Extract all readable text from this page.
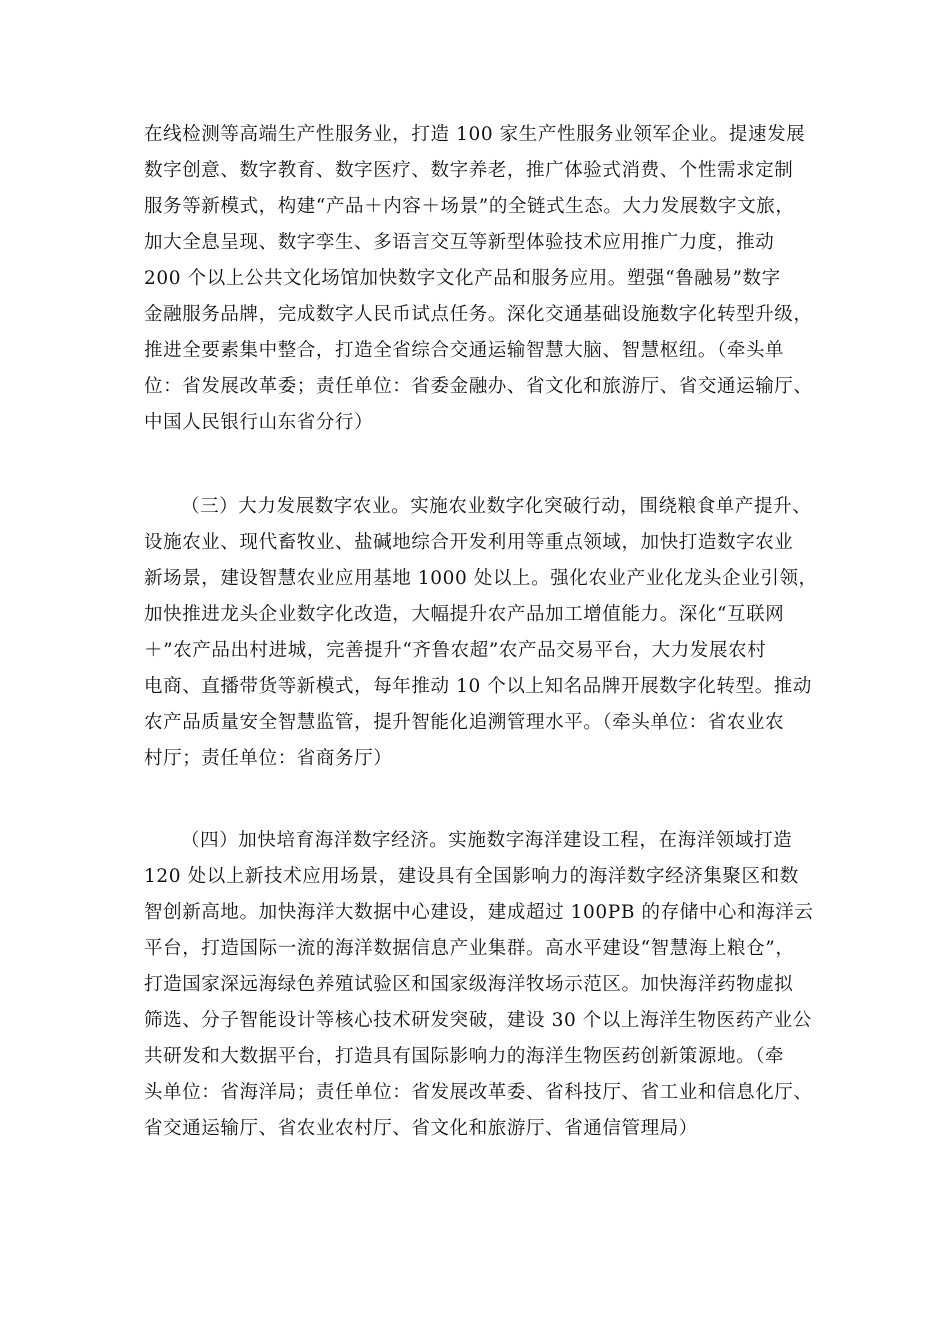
在线检测等高端生产性服务业，打造 100 家生产性服务业领军企业。提速发展
数字创意、数字教育、数字医疗、数字养老，推广体验式消费、个性需求定制
服务等新模式，构建“产品＋内容＋场景”的全链式生态。大力发展数字文旅，
加大全息呈现、数字孪生、多语言交互等新型体验技术应用推广力度，推动
200 个以上公共文化场馆加快数字文化产品和服务应用。塑强“鲁融易”数字
金融服务品牌，完成数字人民币试点任务。深化交通基础设施数字化转型升级，
推进全要素集中整合，打造全省综合交通运输智慧大脑、智慧枢纽。（牵头单
位：省发展改革委；责任单位：省委金融办、省文化和旅游厅、省交通运输厅、
中国人民银行山东省分行）
（三）大力发展数字农业。实施农业数字化突破行动，围绕粮食单产提升、
设施农业、现代畜牧业、盐碱地综合开发利用等重点领域，加快打造数字农业
新场景，建设智慧农业应用基地 1000 处以上。强化农业产业化龙头企业引领，
加快推进龙头企业数字化改造，大幅提升农产品加工增值能力。深化“互联网
＋”农产品出村进城，完善提升“齐鲁农超”农产品交易平台，大力发展农村
电商、直播带货等新模式，每年推动 10 个以上知名品牌开展数字化转型。推动
农产品质量安全智慧监管，提升智能化追溯管理水平。（牵头单位：省农业农
村厅；责任单位：省商务厅）
（四）加快培育海洋数字经济。实施数字海洋建设工程，在海洋领域打造
120 处以上新技术应用场景，建设具有全国影响力的海洋数字经济集聚区和数
智创新高地。加快海洋大数据中心建设，建成超过 100PB 的存储中心和海洋云
平台，打造国际一流的海洋数据信息产业集群。高水平建设“智慧海上粮仓”，
打造国家深远海绿色养殖试验区和国家级海洋牧场示范区。加快海洋药物虚拟
筛选、分子智能设计等核心技术研发突破，建设 30 个以上海洋生物医药产业公
共研发和大数据平台，打造具有国际影响力的海洋生物医药创新策源地。（牵
头单位：省海洋局；责任单位：省发展改革委、省科技厅、省工业和信息化厅、
省交通运输厅、省农业农村厅、省文化和旅游厅、省通信管理局）
